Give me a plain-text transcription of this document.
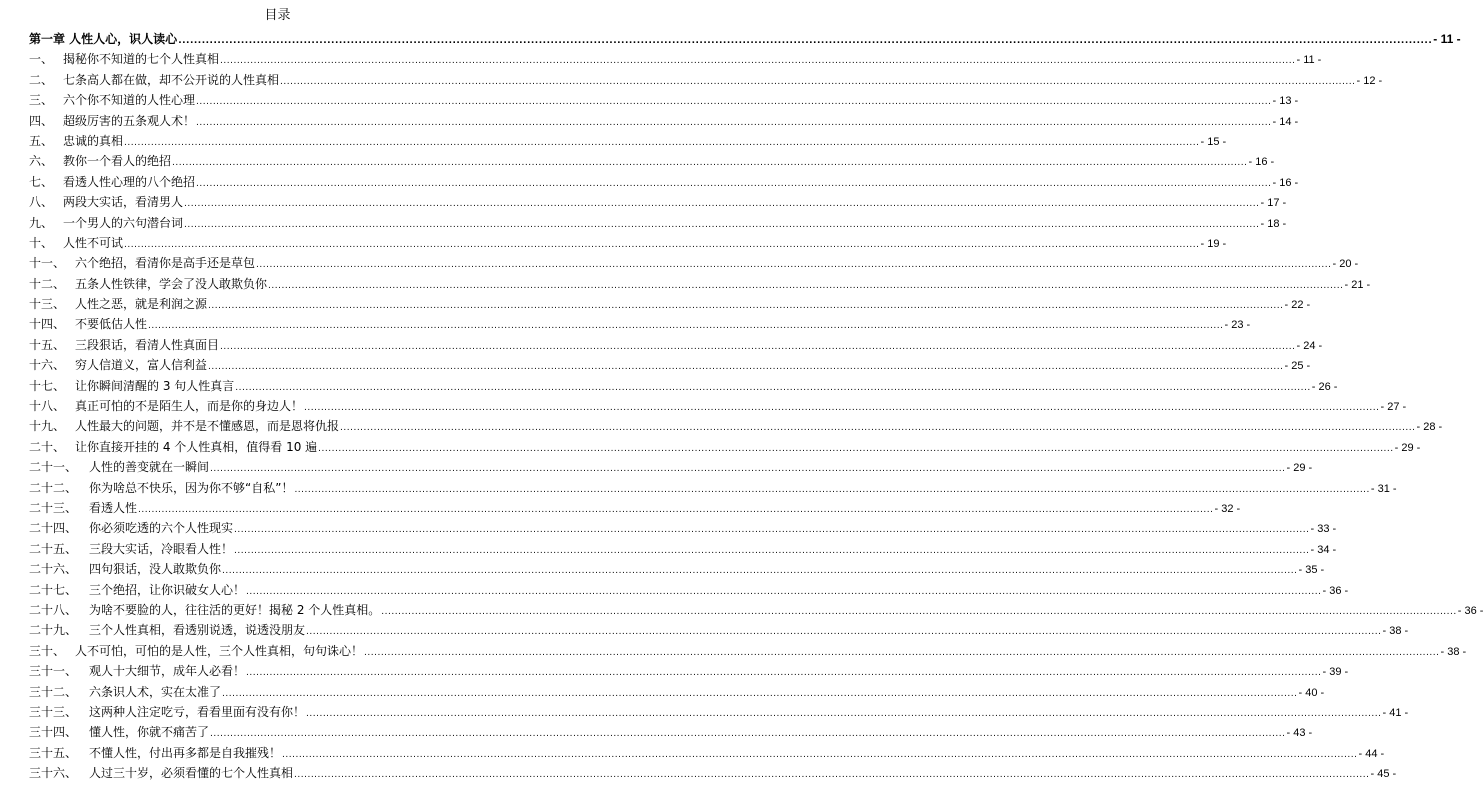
目录
第一章 人性人心，识人读心 .....	- 11 -
一、 揭秘你不知道的七个人性真相 .....	- 11 -
二、 七条高人都在做，却不公开说的人性真相 .....	- 12 -
三、 六个你不知道的人性心理 .....	- 13 -
四、 超级厉害的五条观人术！ .....	- 14 -
五、 忠诚的真相 .....	- 15 -
六、 教你一个看人的绝招 .....	- 16 -
七、 看透人性心理的八个绝招 .....	- 16 -
八、 两段大实话，看清男人 .....	- 17 -
九、 一个男人的六句潜台词 .....	- 18 -
十、 人性不可试 .....	- 19 -
十一、 六个绝招，看清你是高手还是草包 .....	- 20 -
十二、 五条人性铁律，学会了没人敢欺负你 .....	- 21 -
十三、 人性之恶，就是利润之源 .....	- 22 -
十四、 不要低估人性 .....	- 23 -
十五、 三段狠话，看清人性真面目 .....	- 24 -
十六、 穷人信道义，富人信利益 .....	- 25 -
十七、 让你瞬间清醒的 3 句人性真言 .....	- 26 -
十八、 真正可怕的不是陌生人，而是你的身边人！ .....	- 27 -
十九、 人性最大的问题，并不是不懂感恩，而是恩将仇报 .....	- 28 -
二十、 让你直接开挂的 4 个人性真相，值得看 10 遍 .....	- 29 -
二十一、 人性的善变就在一瞬间 .....	- 29 -
二十二、 你为啥总不快乐，因为你不够“自私”！ .....	- 31 -
二十三、 看透人性 .....	- 32 -
二十四、 你必须吃透的六个人性现实 .....	- 33 -
二十五、 三段大实话，冷眼看人性！ .....	- 34 -
二十六、 四句狠话，没人敢欺负你 .....	- 35 -
二十七、 三个绝招，让你识破女人心！ .....	- 36 -
二十八、 为啥不要脸的人，往往活的更好！揭秘 2 个人性真相。 .....	- 36 -
二十九、 三个人性真相，看透别说透，说透没朋友 .....	- 38 -
三十、 人不可怕，可怕的是人性，三个人性真相，句句诛心！ .....	- 38 -
三十一、 观人十大细节，成年人必看！ .....	- 39 -
三十二、 六条识人术，实在太准了 .....	- 40 -
三十三、 这两种人注定吃亏，看看里面有没有你！ .....	- 41 -
三十四、 懂人性，你就不痛苦了 .....	- 43 -
三十五、 不懂人性，付出再多都是自我摧残！ .....	- 44 -
三十六、 人过三十岁，必须看懂的七个人性真相 .....	- 45 -
